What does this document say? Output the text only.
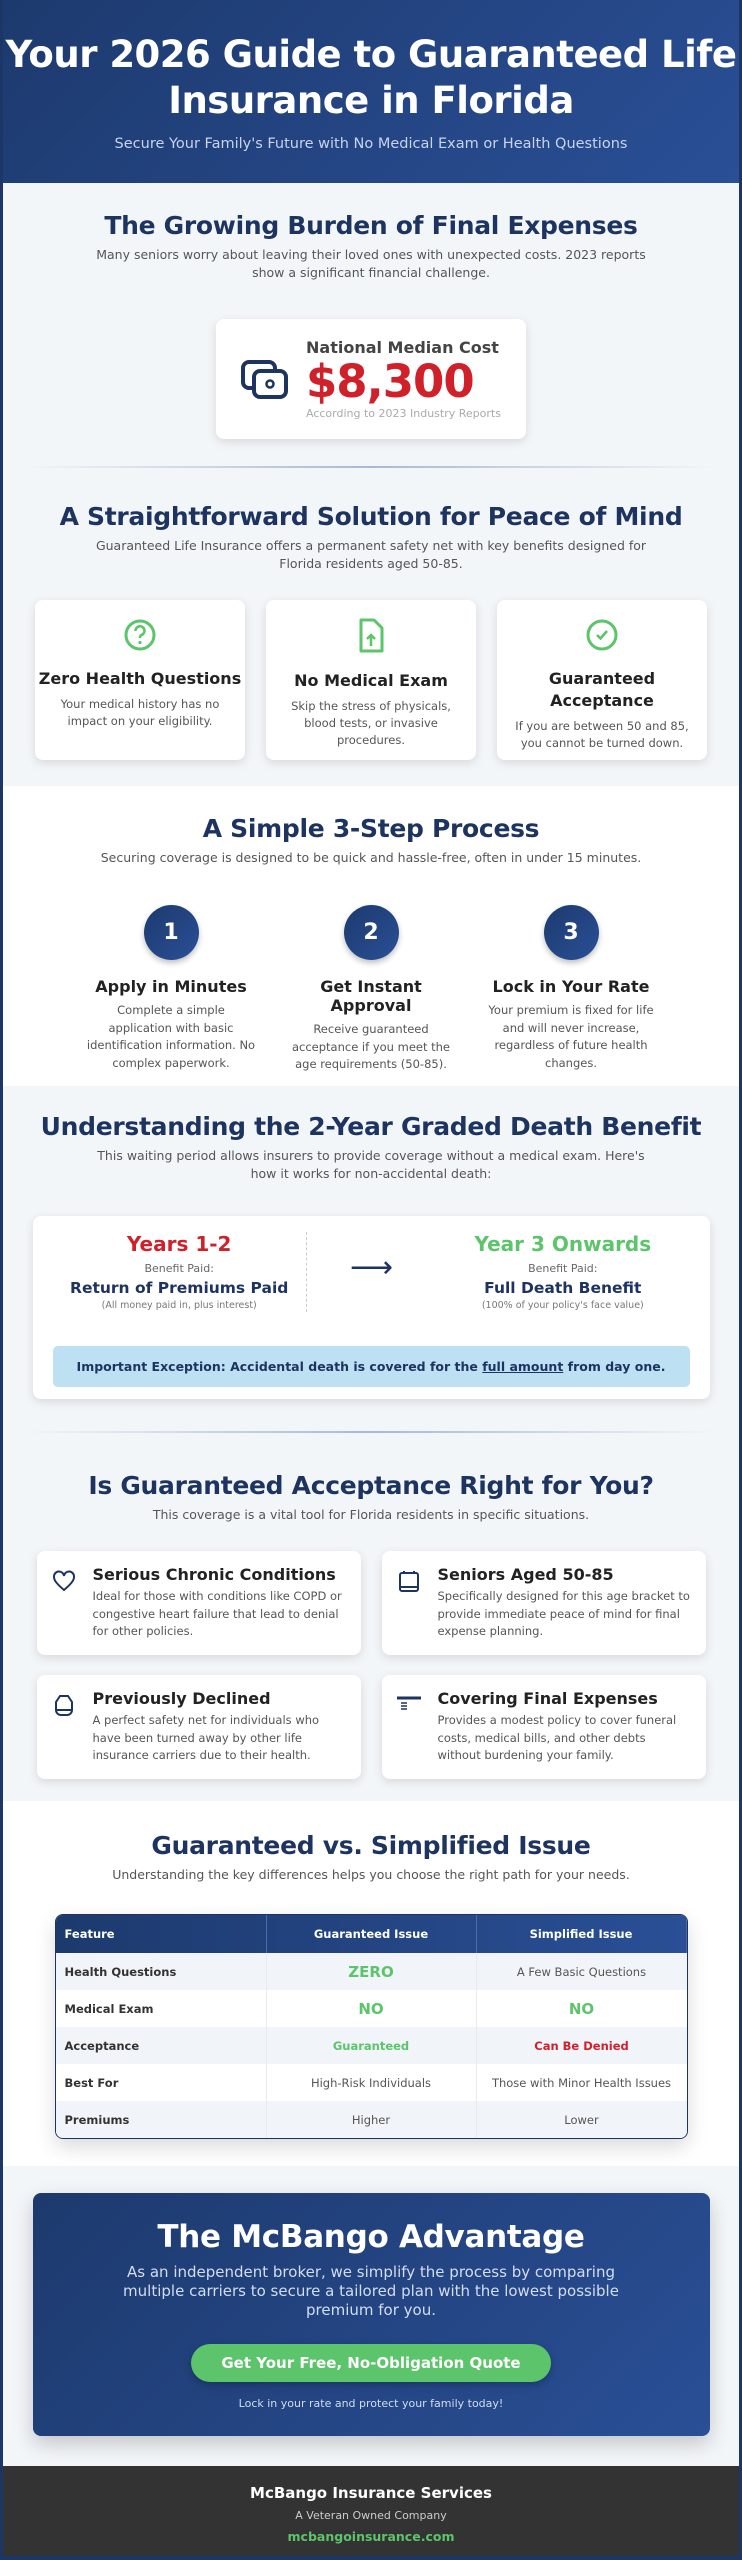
Your 2026 Guide to Guaranteed Life Insurance in Florida

Secure Your Family's Future with No Medical Exam or Health Questions

The Growing Burden of Final Expenses

Many seniors worry about leaving their loved ones with unexpected costs. 2023 reports show a significant financial challenge.

National Median Cost
$8,300
According to 2023 Industry Reports
A Straightforward Solution for Peace of Mind

Guaranteed Life Insurance offers a permanent safety net with key benefits designed for Florida residents aged 50-85.

Zero Health Questions

Your medical history has no impact on your eligibility.

No Medical Exam

Skip the stress of physicals, blood tests, or invasive procedures.

Guaranteed Acceptance

If you are between 50 and 85, you cannot be turned down.

A Simple 3-Step Process

Securing coverage is designed to be quick and hassle-free, often in under 15 minutes.

1
Apply in Minutes

Complete a simple application with basic identification information. No complex paperwork.

2
Get Instant Approval

Receive guaranteed acceptance if you meet the age requirements (50-85).

3
Lock in Your Rate

Your premium is fixed for life and will never increase, regardless of future health changes.

Understanding the 2-Year Graded Death Benefit

This waiting period allows insurers to provide coverage without a medical exam. Here's how it works for non-accidental death:

Years 1-2
Benefit Paid:
Return of Premiums Paid
(All money paid in, plus interest)
⟶
Year 3 Onwards
Benefit Paid:
Full Death Benefit
(100% of your policy's face value)
Important Exception: Accidental death is covered for the full amount from day one.
Is Guaranteed Acceptance Right for You?

This coverage is a vital tool for Florida residents in specific situations.

Serious Chronic Conditions

Ideal for those with conditions like COPD or congestive heart failure that lead to denial for other policies.

Seniors Aged 50-85

Specifically designed for this age bracket to provide immediate peace of mind for final expense planning.

Previously Declined

A perfect safety net for individuals who have been turned away by other life insurance carriers due to their health.

Covering Final Expenses

Provides a modest policy to cover funeral costs, medical bills, and other debts without burdening your family.

Guaranteed vs. Simplified Issue

Understanding the key differences helps you choose the right path for your needs.

Feature	Guaranteed Issue	Simplified Issue
Health Questions	ZERO	A Few Basic Questions
Medical Exam	NO	NO
Acceptance	Guaranteed	Can Be Denied
Best For	High-Risk Individuals	Those with Minor Health Issues
Premiums	Higher	Lower
The McBango Advantage

As an independent broker, we simplify the process by comparing multiple carriers to secure a tailored plan with the lowest possible premium for you.

Get Your Free, No-Obligation Quote

Lock in your rate and protect your family today!

McBango Insurance Services
A Veteran Owned Company
mcbangoinsurance.com
